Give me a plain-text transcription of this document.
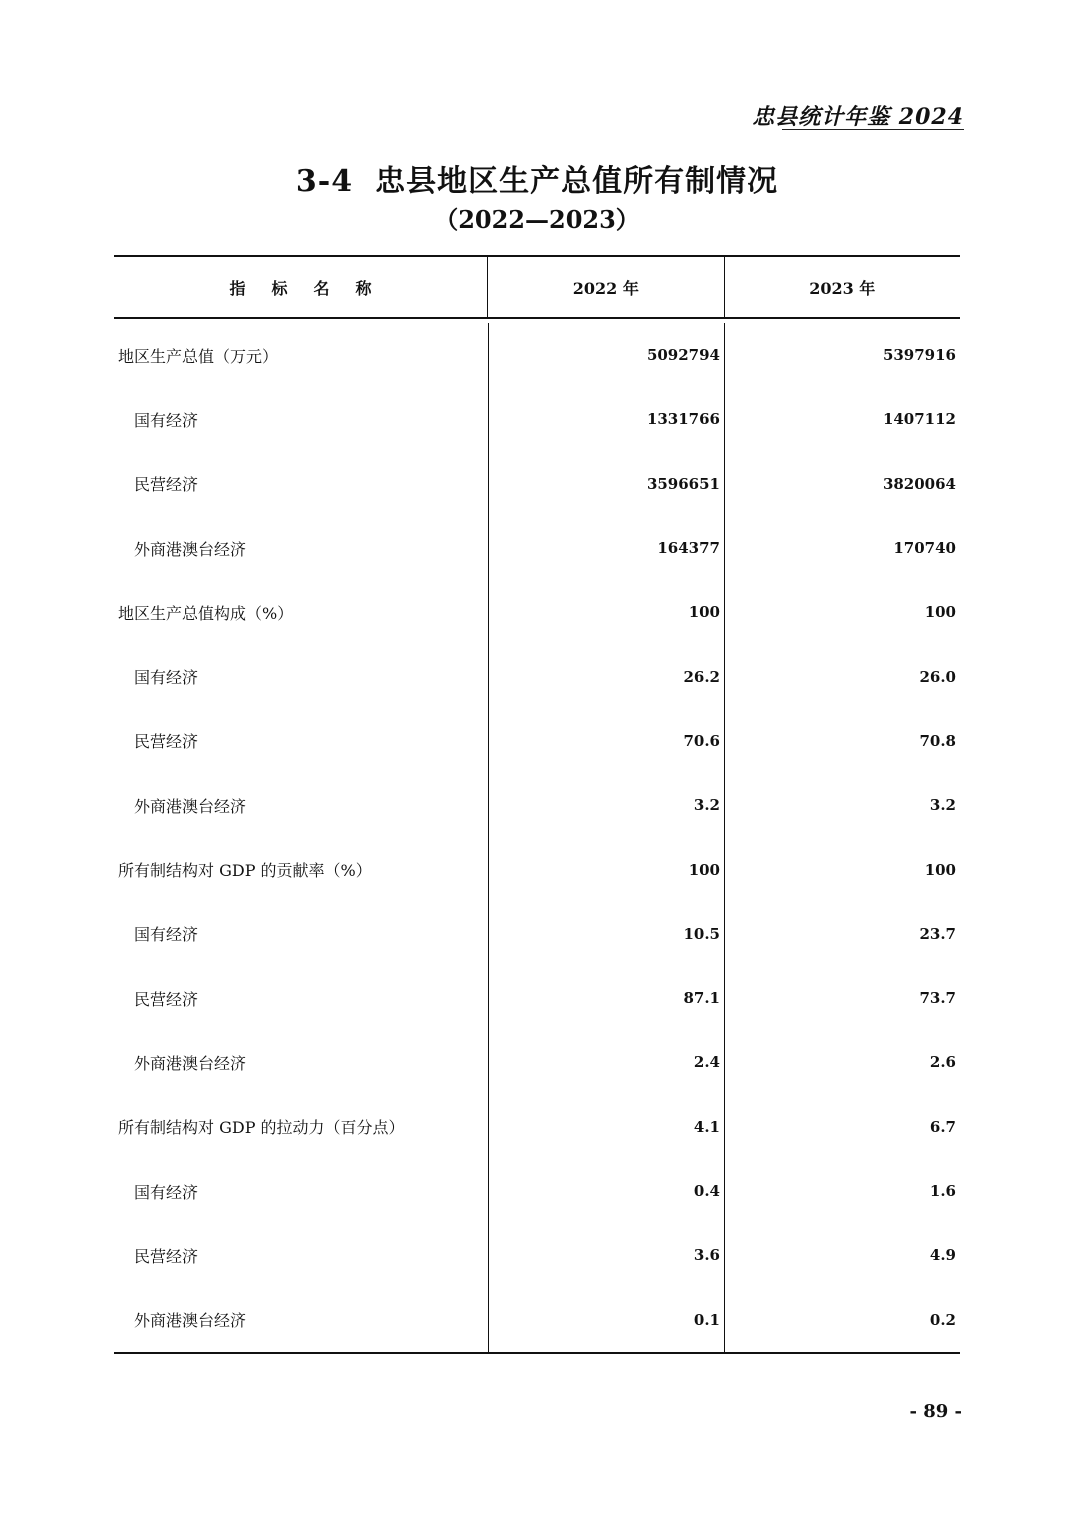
忠县统计年鉴 2024
3-4 忠县地区生产总值所有制情况
（2022—2023）
指标名称	2022 年	2023 年
地区生产总值（万元）	5092794	5397916
国有经济	1331766	1407112
民营经济	3596651	3820064
外商港澳台经济	164377	170740
地区生产总值构成（%）	100	100
国有经济	26.2	26.0
民营经济	70.6	70.8
外商港澳台经济	3.2	3.2
所有制结构对 GDP 的贡献率（%）	100	100
国有经济	10.5	23.7
民营经济	87.1	73.7
外商港澳台经济	2.4	2.6
所有制结构对 GDP 的拉动力（百分点）	4.1	6.7
国有经济	0.4	1.6
民营经济	3.6	4.9
外商港澳台经济	0.1	0.2
- 89 -
